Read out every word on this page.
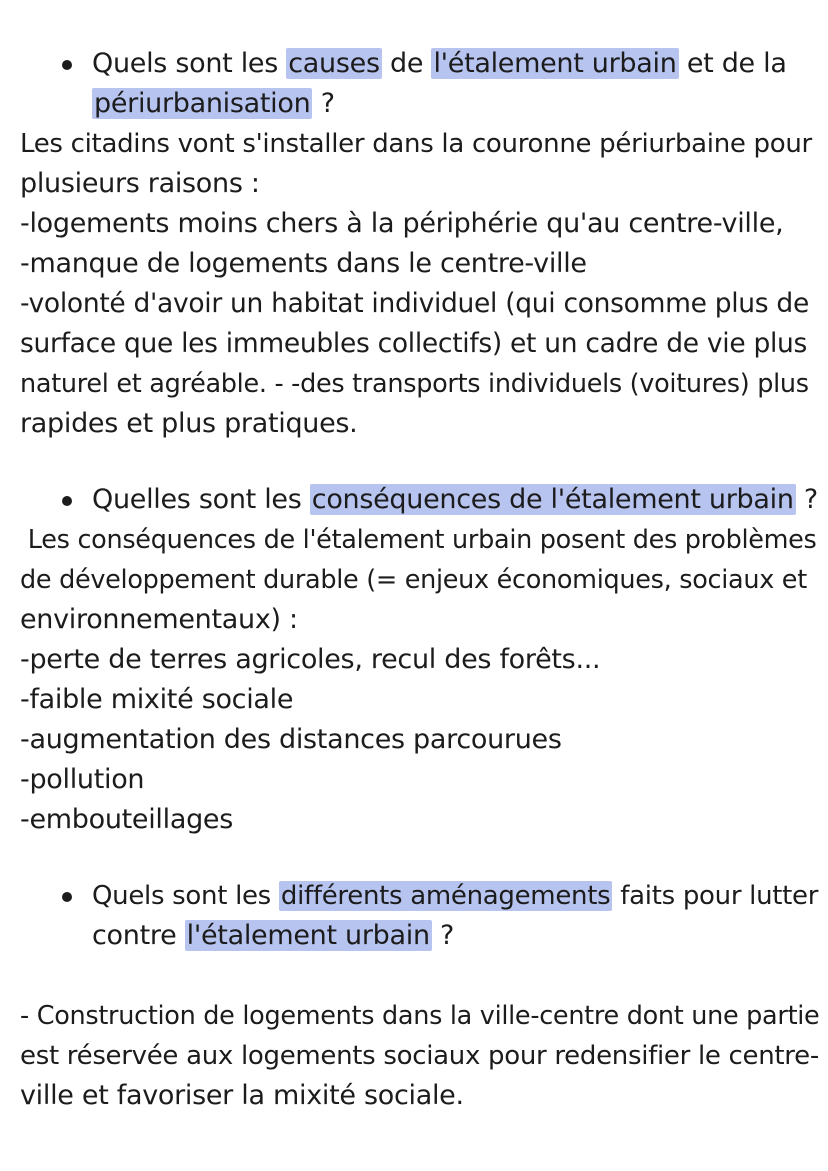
Quels sont les causes de l'étalement urbain et de la
périurbanisation ?
Les citadins vont s'installer dans la couronne périurbaine pour
plusieurs raisons :
-logements moins chers à la périphérie qu'au centre-ville,
-manque de logements dans le centre-ville
-volonté d'avoir un habitat individuel (qui consomme plus de
surface que les immeubles collectifs) et un cadre de vie plus
naturel et agréable. - -des transports individuels (voitures) plus
rapides et plus pratiques.
Quelles sont les conséquences de l'étalement urbain ?
Les conséquences de l'étalement urbain posent des problèmes
de développement durable (= enjeux économiques, sociaux et
environnementaux) :
-perte de terres agricoles, recul des forêts...
-faible mixité sociale
-augmentation des distances parcourues
-pollution
-embouteillages
Quels sont les différents aménagements faits pour lutter
contre l'étalement urbain ?
- Construction de logements dans la ville-centre dont une partie
est réservée aux logements sociaux pour redensifier le centre-
ville et favoriser la mixité sociale.
